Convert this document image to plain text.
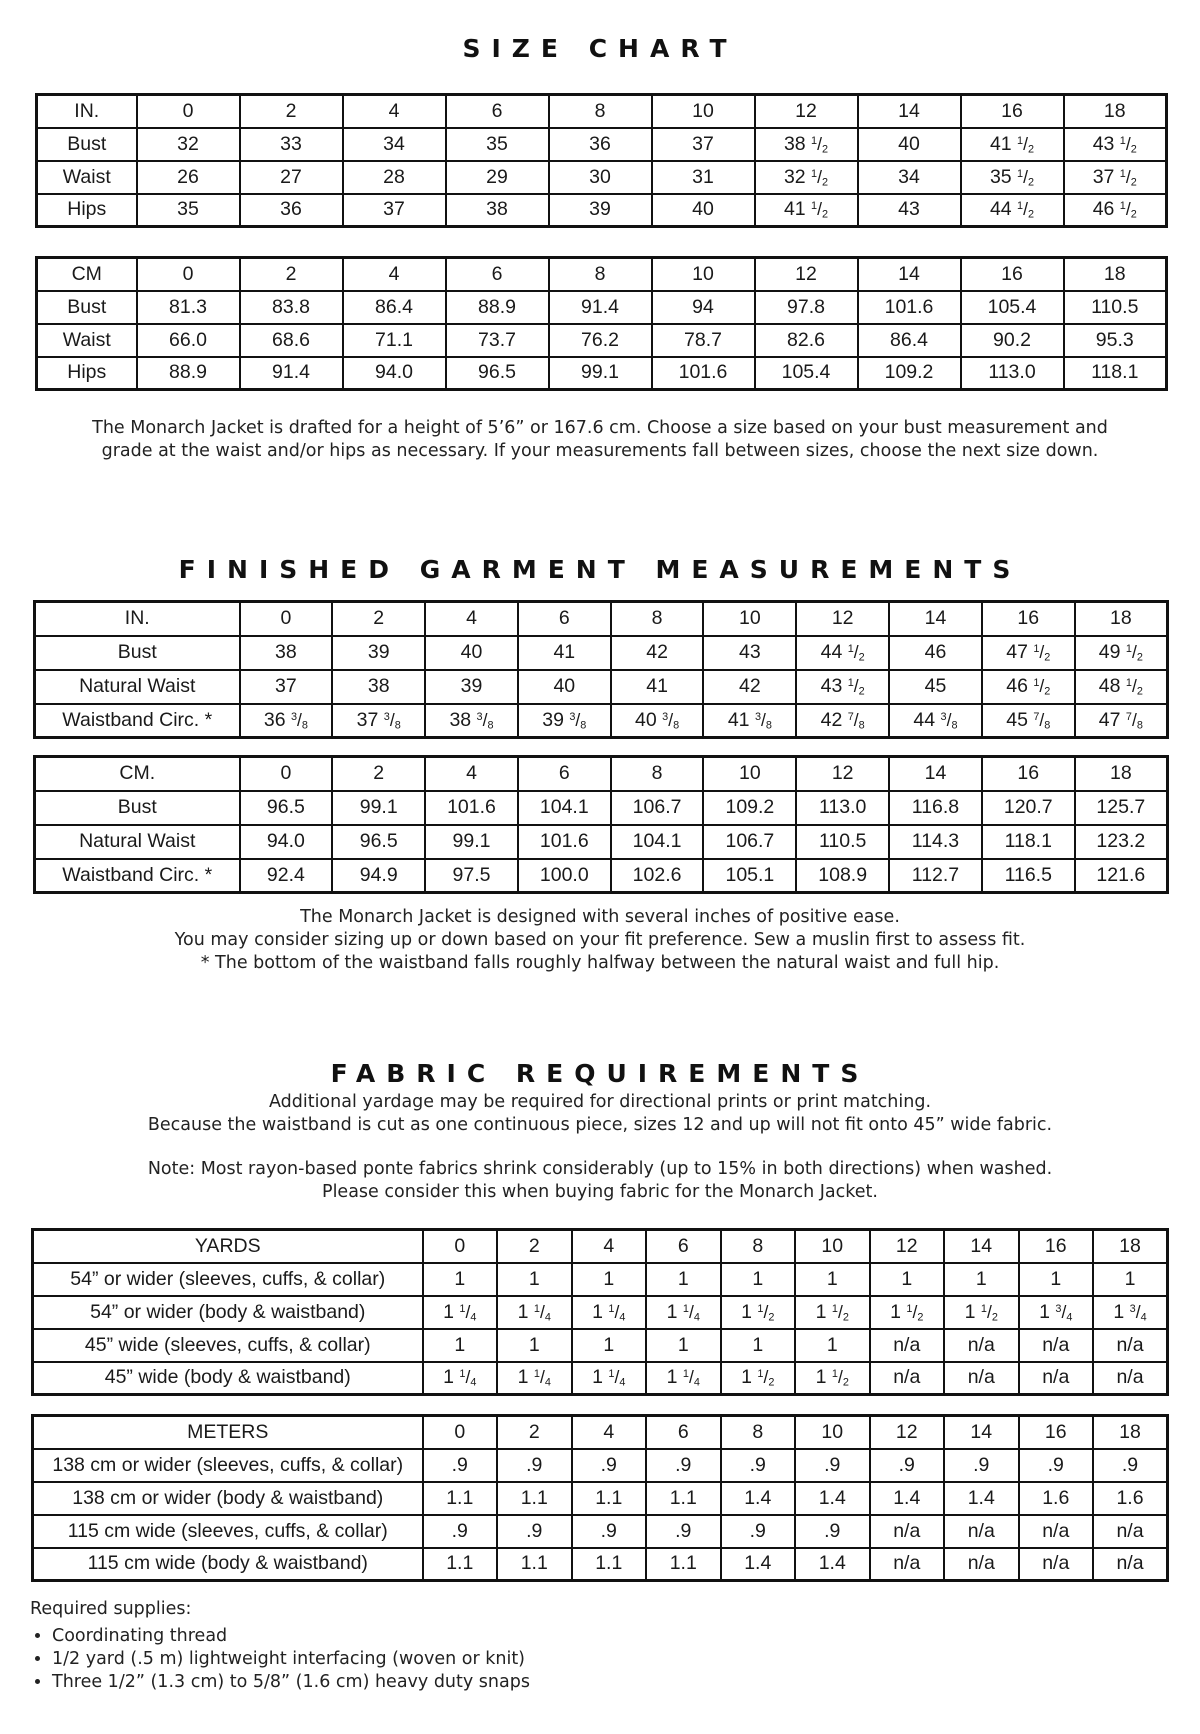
SIZE CHART
IN.	0	2	4	6	8	10	12	14	16	18
Bust	32	33	34	35	36	37	38 $^1/_2$	40	41 $^1/_2$	43 $^1/_2$
Waist	26	27	28	29	30	31	32 $^1/_2$	34	35 $^1/_2$	37 $^1/_2$
Hips	35	36	37	38	39	40	41 $^1/_2$	43	44 $^1/_2$	46 $^1/_2$
CM	0	2	4	6	8	10	12	14	16	18
Bust	81.3	83.8	86.4	88.9	91.4	94	97.8	101.6	105.4	110.5
Waist	66.0	68.6	71.1	73.7	76.2	78.7	82.6	86.4	90.2	95.3
Hips	88.9	91.4	94.0	96.5	99.1	101.6	105.4	109.2	113.0	118.1
The Monarch Jacket is drafted for a height of 5’6” or 167.6 cm. Choose a size based on your bust measurement and
grade at the waist and/or hips as necessary. If your measurements fall between sizes, choose the next size down.
FINISHED GARMENT MEASUREMENTS
IN.	0	2	4	6	8	10	12	14	16	18
Bust	38	39	40	41	42	43	44 $^1/_2$	46	47 $^1/_2$	49 $^1/_2$
Natural Waist	37	38	39	40	41	42	43 $^1/_2$	45	46 $^1/_2$	48 $^1/_2$
Waistband Circ. *	36 $^3/_8$	37 $^3/_8$	38 $^3/_8$	39 $^3/_8$	40 $^3/_8$	41 $^3/_8$	42 $^7/_8$	44 $^3/_8$	45 $^7/_8$	47 $^7/_8$
CM.	0	2	4	6	8	10	12	14	16	18
Bust	96.5	99.1	101.6	104.1	106.7	109.2	113.0	116.8	120.7	125.7
Natural Waist	94.0	96.5	99.1	101.6	104.1	106.7	110.5	114.3	118.1	123.2
Waistband Circ. *	92.4	94.9	97.5	100.0	102.6	105.1	108.9	112.7	116.5	121.6
The Monarch Jacket is designed with several inches of positive ease.
You may consider sizing up or down based on your fit preference. Sew a muslin first to assess fit.
* The bottom of the waistband falls roughly halfway between the natural waist and full hip.
FABRIC REQUIREMENTS
Additional yardage may be required for directional prints or print matching.
Because the waistband is cut as one continuous piece, sizes 12 and up will not fit onto 45” wide fabric.
Note: Most rayon-based ponte fabrics shrink considerably (up to 15% in both directions) when washed.
Please consider this when buying fabric for the Monarch Jacket.
YARDS	0	2	4	6	8	10	12	14	16	18
54” or wider (sleeves, cuffs, & collar)	1	1	1	1	1	1	1	1	1	1
54” or wider (body & waistband)	1 $^1/_4$	1 $^1/_4$	1 $^1/_4$	1 $^1/_4$	1 $^1/_2$	1 $^1/_2$	1 $^1/_2$	1 $^1/_2$	1 $^3/_4$	1 $^3/_4$
45” wide (sleeves, cuffs, & collar)	1	1	1	1	1	1	n/a	n/a	n/a	n/a
45” wide (body & waistband)	1 $^1/_4$	1 $^1/_4$	1 $^1/_4$	1 $^1/_4$	1 $^1/_2$	1 $^1/_2$	n/a	n/a	n/a	n/a
METERS	0	2	4	6	8	10	12	14	16	18
138 cm or wider (sleeves, cuffs, & collar)	.9	.9	.9	.9	.9	.9	.9	.9	.9	.9
138 cm or wider (body & waistband)	1.1	1.1	1.1	1.1	1.4	1.4	1.4	1.4	1.6	1.6
115 cm wide (sleeves, cuffs, & collar)	.9	.9	.9	.9	.9	.9	n/a	n/a	n/a	n/a
115 cm wide (body & waistband)	1.1	1.1	1.1	1.1	1.4	1.4	n/a	n/a	n/a	n/a
Required supplies:
• Coordinating thread
• 1/2 yard (.5 m) lightweight interfacing (woven or knit)
• Three 1/2” (1.3 cm) to 5/8” (1.6 cm) heavy duty snaps
